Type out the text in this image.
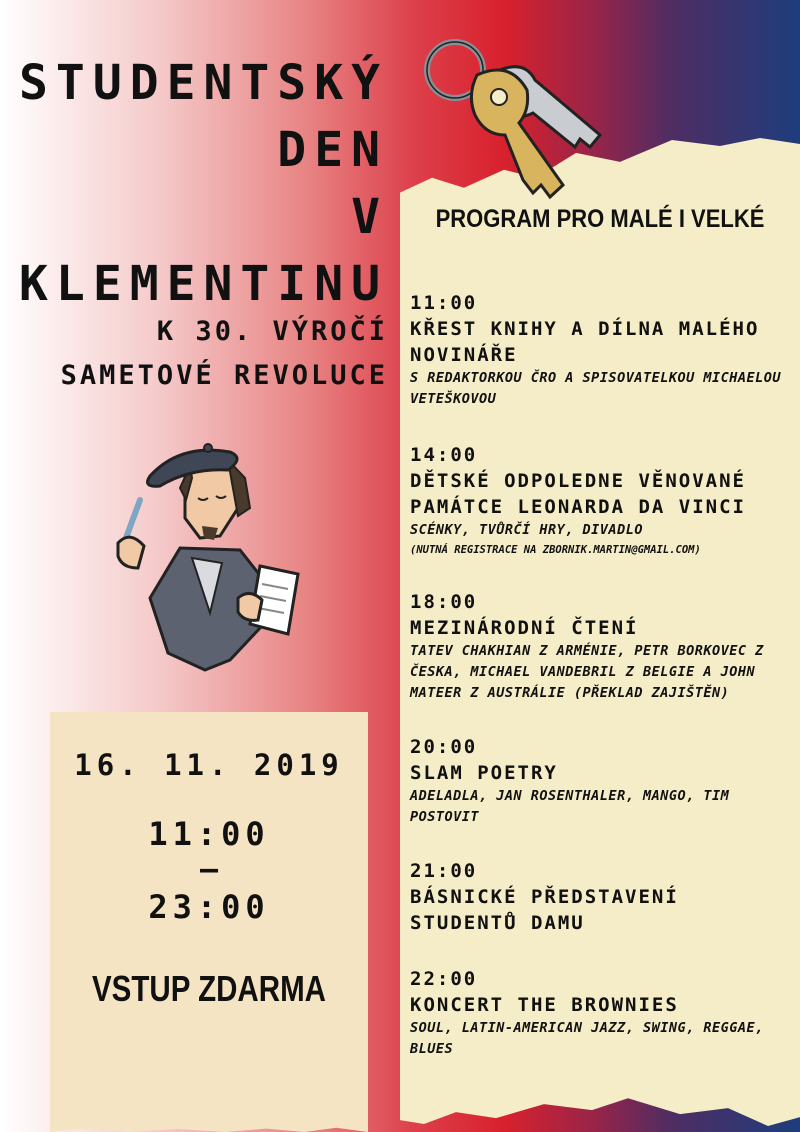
STUDENTSKÝ
DEN
V KLEMENTINU
K 30. VÝROČÍ
SAMETOVÉ REVOLUCE
PROGRAM PRO MALÉ I VELKÉ
11:00
KŘEST KNIHY A DÍLNA MALÉHO NOVINÁŘE
S REDAKTORKOU ČRO A SPISOVATELKOU MICHAELOU VETEŠKOVOU
14:00
DĚTSKÉ ODPOLEDNE VĚNOVANÉ PAMÁTCE LEONARDA DA VINCI
SCÉNKY, TVŮRČÍ HRY, DIVADLO
(NUTNÁ REGISTRACE NA ZBORNIK.MARTIN@GMAIL.COM)
18:00
MEZINÁRODNÍ ČTENÍ
TATEV CHAKHIAN Z ARMÉNIE, PETR BORKOVEC Z ČESKA, MICHAEL VANDEBRIL Z BELGIE A JOHN MATEER Z AUSTRÁLIE (PŘEKLAD ZAJIŠTĚN)
20:00
SLAM POETRY
ADELADLA, JAN ROSENTHALER, MANGO, TIM POSTOVIT
21:00
BÁSNICKÉ PŘEDSTAVENÍ STUDENTŮ DAMU
22:00
KONCERT THE BROWNIES
SOUL, LATIN-AMERICAN JAZZ, SWING, REGGAE, BLUES
16. 11. 2019
11:00
—
23:00
VSTUP ZDARMA
